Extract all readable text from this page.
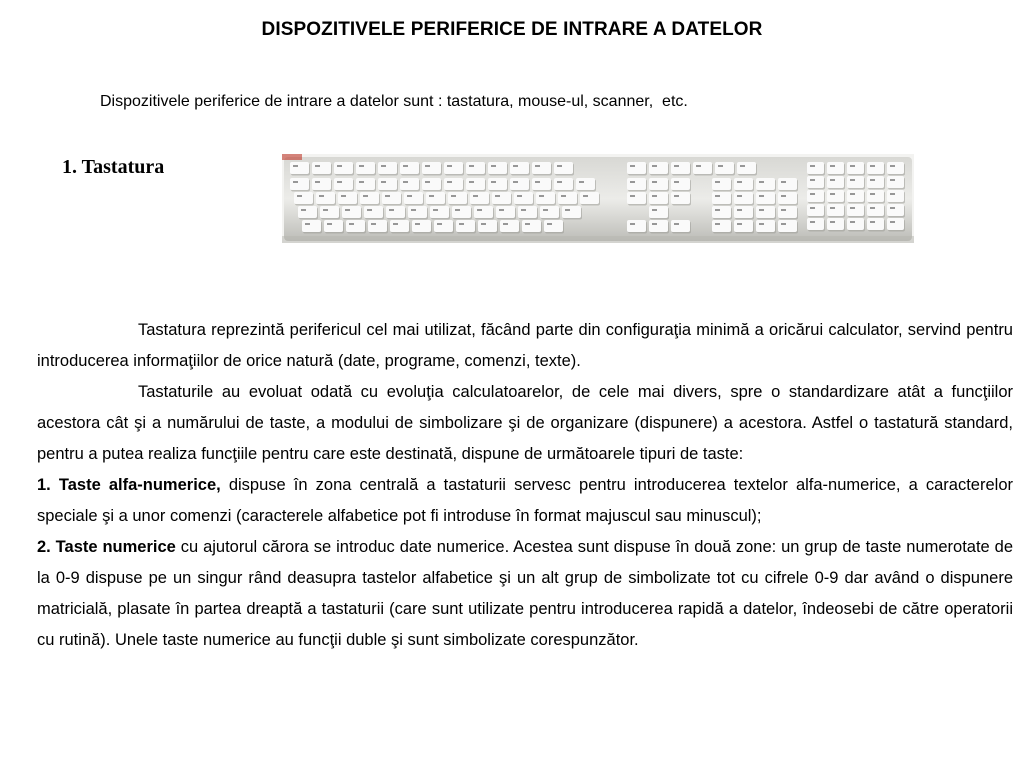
DISPOZITIVELE PERIFERICE DE INTRARE A DATELOR
Dispozitivele periferice de intrare a datelor sunt : tastatura, mouse-ul, scanner,  etc.
1. Tastatura

Tastatura reprezintă perifericul cel mai utilizat, făcând parte din configuraţia minimă a oricărui calculator, servind pentru introducerea informaţiilor de orice natură (date, programe, comenzi, texte).

Tastaturile au evoluat odată cu evoluţia calculatoarelor, de cele mai divers, spre o standardizare atât a funcţiilor acestora cât şi a numărului de taste, a modului de simbolizare şi de organizare (dispunere) a acestora. Astfel o tastatură standard, pentru a putea realiza funcţiile pentru care este destinată, dispune de următoarele tipuri de taste:

1. Taste alfa-numerice, dispuse în zona centrală a tastaturii servesc pentru introducerea textelor alfa-numerice, a caracterelor speciale şi a unor comenzi (caracterele alfabetice pot fi introduse în format majuscul sau minuscul);

2. Taste numerice cu ajutorul cărora se introduc date numerice. Acestea sunt dispuse în două zone: un grup de taste numerotate de la 0-9 dispuse pe un singur rând deasupra tastelor alfabetice şi un alt grup de simbolizate tot cu cifrele 0-9 dar având o dispunere matricială, plasate în partea dreaptă a tastaturii (care sunt utilizate pentru introducerea rapidă a datelor, îndeosebi de către operatorii cu rutină). Unele taste numerice au funcţii duble şi sunt simbolizate corespunzător.
